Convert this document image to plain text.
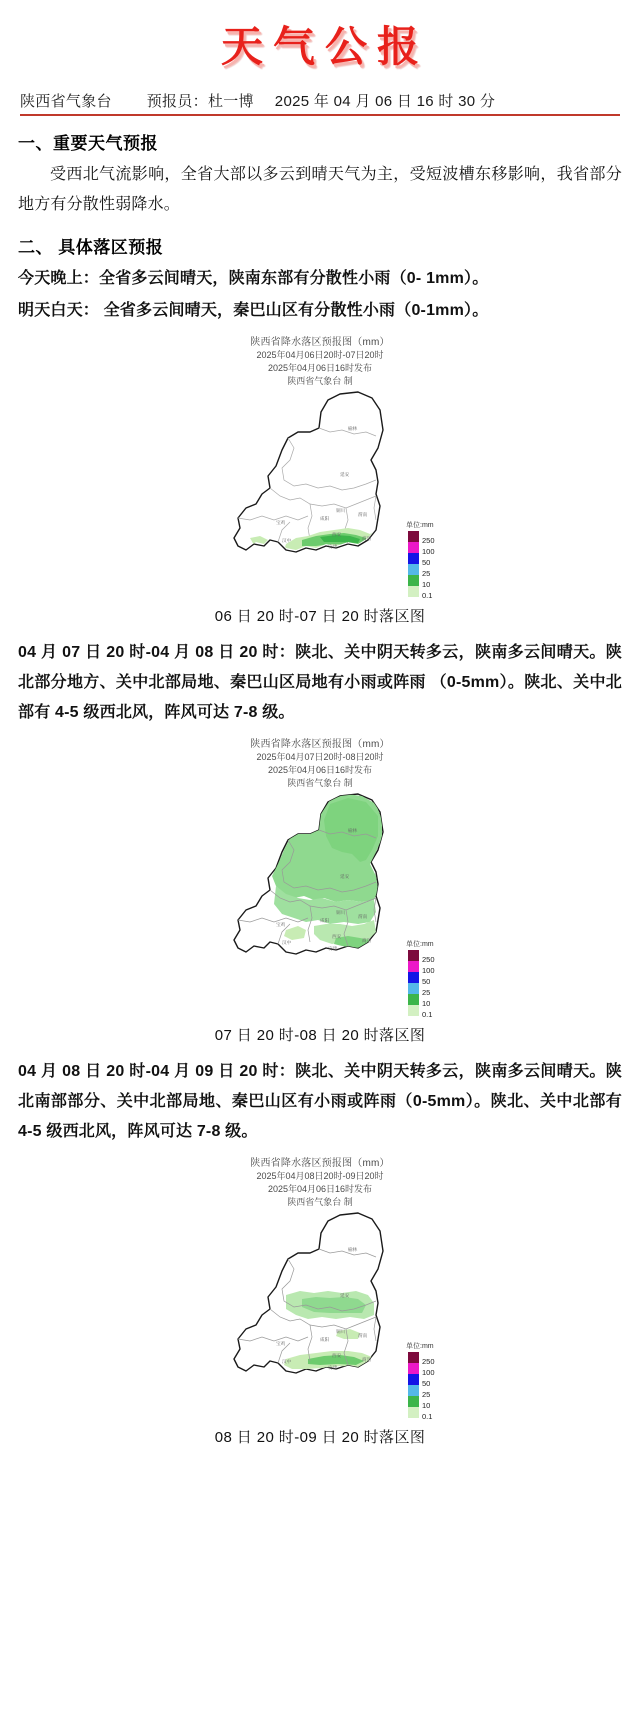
天气公报
陕西省气象台 预报员：杜一博 2025 年 04 月 06 日 16 时 30 分
一、重要天气预报
受西北气流影响，全省大部以多云到晴天气为主，受短波槽东移影响，我省部分地方有分散性弱降水。
二、 具体落区预报
今天晚上：全省多云间晴天，陕南东部有分散性小雨（0- 1mm）。
明天白天： 全省多云间晴天，秦巴山区有分散性小雨（0-1mm）。
陕西省降水落区预报图（mm）
2025年04月06日20时-07日20时
2025年04月06日16时发布
陕西省气象台 制
榆林
延安
铜川
渭南
咸阳
西安
宝鸡
汉中
安康
商洛
单位:mm
250
100
50
25
10
0.1
06 日 20 时-07 日 20 时落区图
04 月 07 日 20 时-04 月 08 日 20 时：陕北、关中阴天转多云，陕南多云间晴天。陕北部分地方、关中北部局地、秦巴山区局地有小雨或阵雨 （0-5mm）。陕北、关中北部有 4-5 级西北风，阵风可达 7-8 级。
陕西省降水落区预报图（mm）
2025年04月07日20时-08日20时
2025年04月06日16时发布
陕西省气象台 制
榆林
延安
铜川
渭南
咸阳
西安
宝鸡
汉中
安康
商洛
单位:mm
250
100
50
25
10
0.1
07 日 20 时-08 日 20 时落区图
04 月 08 日 20 时-04 月 09 日 20 时：陕北、关中阴天转多云，陕南多云间晴天。陕北南部部分、关中北部局地、秦巴山区有小雨或阵雨（0-5mm）。陕北、关中北部有 4-5 级西北风，阵风可达 7-8 级。
陕西省降水落区预报图（mm）
2025年04月08日20时-09日20时
2025年04月06日16时发布
陕西省气象台 制
榆林
延安
铜川
渭南
咸阳
西安
宝鸡
汉中
安康
商洛
单位:mm
250
100
50
25
10
0.1
08 日 20 时-09 日 20 时落区图
